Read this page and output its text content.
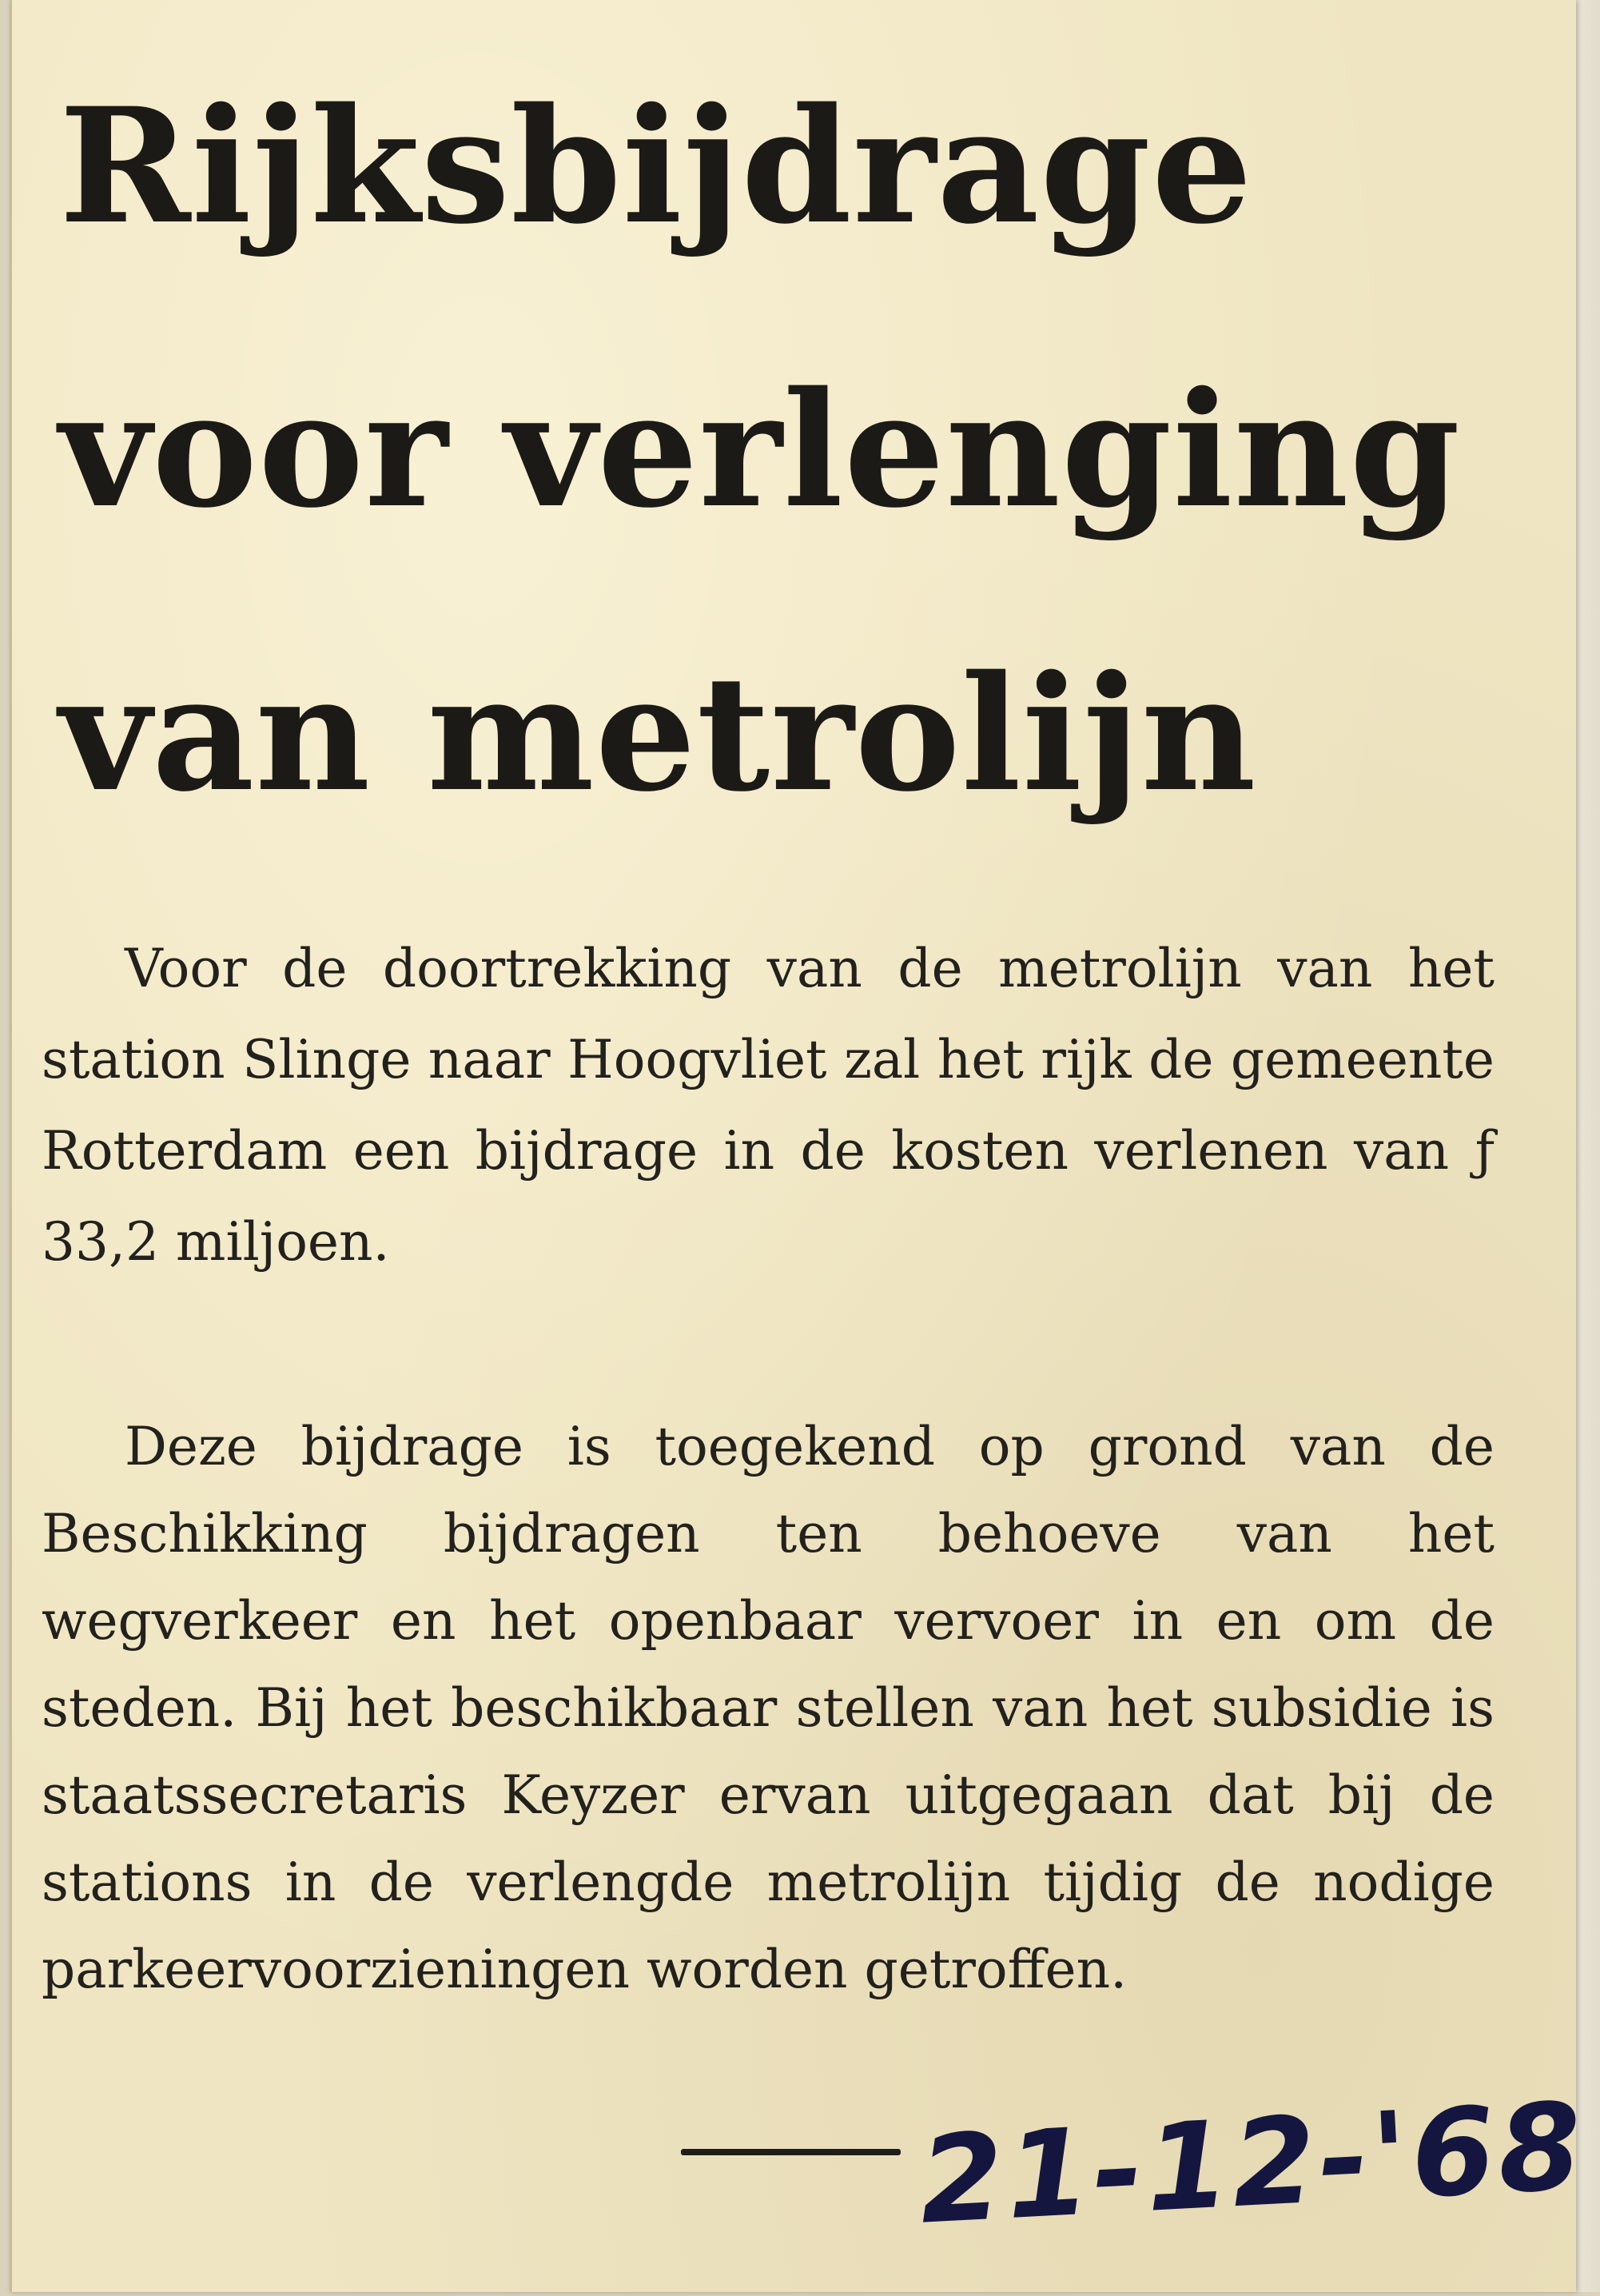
Rijksbijdrage
voor verlenging
van metrolijn

Voor de doortrekking van de metrolijn van het station Slinge naar Hoogvliet zal het rijk de gemeente Rotterdam een bijdrage in de kosten verlenen van ƒ 33,2 miljoen.

Deze bijdrage is toegekend op grond van de Beschikking bijdragen ten behoeve van het wegverkeer en het openbaar vervoer in en om de steden. Bij het beschikbaar stellen van het subsidie is staatssecretaris Keyzer ervan uitgegaan dat bij de stations in de verlengde metrolijn tijdig de nodige parkeervoorzieningen worden getroffen.

21-12-'68
